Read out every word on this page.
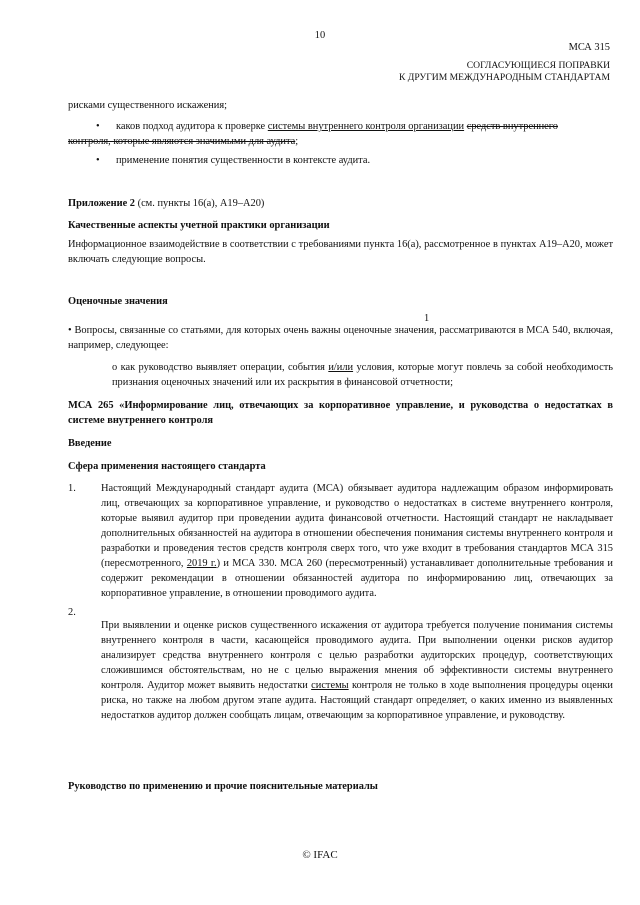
10
МСА 315
СОГЛАСУЮЩИЕСЯ ПОПРАВКИ
К ДРУГИМ МЕЖДУНАРОДНЫМ СТАНДАРТАМ
рисками существенного искажения;
•	каков подход аудитора к проверке системы внутреннего контроля организации средств внутреннего
контроля, которые являются значимыми для аудита;
•	применение понятия существенности в контексте аудита.
Приложение 2 (см. пункты 16(a), A19–A20)
Качественные аспекты учетной практики организации
Информационное взаимодействие в соответствии с требованиями пункта 16(а), рассмотренное в пунктах A19–A20, может включать следующие вопросы.
Оценочные значения
1
• Вопросы, связанные со статьями, для которых очень важны оценочные значения, рассматриваются в МСА 540, включая, например, следующее:
о как руководство выявляет операции, события и/или условия, которые могут повлечь за собой необходимость признания оценочных значений или их раскрытия в финансовой отчетности;
МСА 265 «Информирование лиц, отвечающих за корпоративное управление, и руководства о недостатках в системе внутреннего контроля
Введение
Сфера применения настоящего стандарта
1.	Настоящий Международный стандарт аудита (МСА) обязывает аудитора надлежащим образом информировать лиц, отвечающих за корпоративное управление, и руководство о недостатках в системе внутреннего контроля, которые выявил аудитор при проведении аудита финансовой отчетности. Настоящий стандарт не накладывает дополнительных обязанностей на аудитора в отношении обеспечения понимания системы внутреннего контроля и разработки и проведения тестов средств контроля сверх того, что уже входит в требования стандартов МСА 315 (пересмотренного, 2019 г.) и МСА 330. МСА 260 (пересмотренный) устанавливает дополнительные требования и содержит рекомендации в отношении обязанностей аудитора по информированию лиц, отвечающих за корпоративное управление, в отношении проводимого аудита.
2.
При выявлении и оценке рисков существенного искажения от аудитора требуется получение понимания системы внутреннего контроля в части, касающейся проводимого аудита. При выполнении оценки рисков аудитор анализирует средства внутреннего контроля с целью разработки аудиторских процедур, соответствующих сложившимся обстоятельствам, но не с целью выражения мнения об эффективности системы внутреннего контроля. Аудитор может выявить недостатки системы контроля не только в ходе выполнения процедуры оценки риска, но также на любом другом этапе аудита. Настоящий стандарт определяет, о каких именно из выявленных недостатков аудитор должен сообщать лицам, отвечающим за корпоративное управление, и руководству.
Руководство по применению и прочие пояснительные материалы
© IFAC
